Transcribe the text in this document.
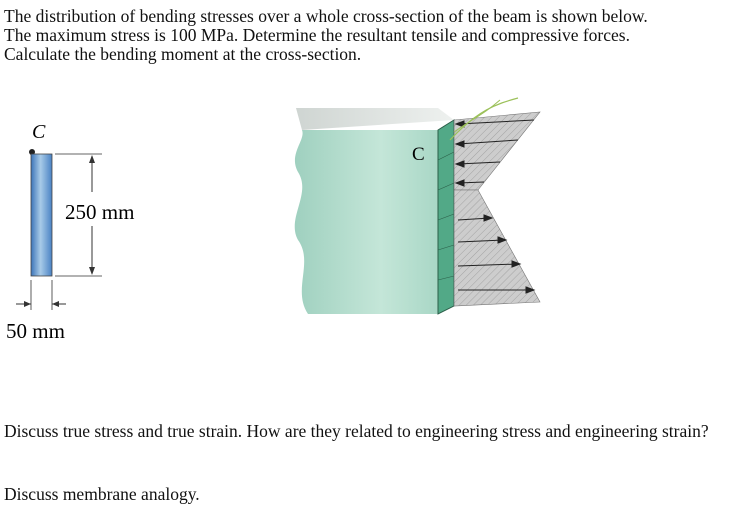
The distribution of bending stresses over a whole cross-section of the beam is shown below.
The maximum stress is 100 MPa. Determine the resultant tensile and compressive forces.
Calculate the bending moment at the cross-section.
C
250 mm
50 mm
C
Discuss true stress and true strain. How are they related to engineering stress and engineering strain?
Discuss membrane analogy.
